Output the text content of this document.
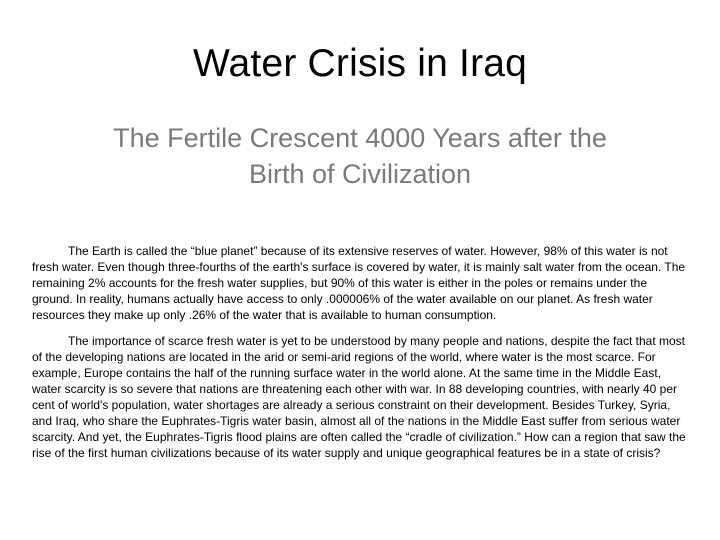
Water Crisis in Iraq
The Fertile Crescent 4000 Years after the Birth of Civilization

The Earth is called the “blue planet” because of its extensive reserves of water. However, 98% of this water is not fresh water. Even though three-fourths of the earth's surface is covered by water, it is mainly salt water from the ocean. The remaining 2% accounts for the fresh water supplies, but 90% of this water is either in the poles or remains under the ground. In reality, humans actually have access to only .000006% of the water available on our planet. As fresh water resources they make up only .26% of the water that is available to human consumption.

The importance of scarce fresh water is yet to be understood by many people and nations, despite the fact that most of the developing nations are located in the arid or semi-arid regions of the world, where water is the most scarce. For example, Europe contains the half of the running surface water in the world alone. At the same time in the Middle East, water scarcity is so severe that nations are threatening each other with war. In 88 developing countries, with nearly 40 per cent of world's population, water shortages are already a serious constraint on their development. Besides Turkey, Syria, and Iraq, who share the Euphrates-Tigris water basin, almost all of the nations in the Middle East suffer from serious water scarcity. And yet, the Euphrates-Tigris flood plains are often called the “cradle of civilization.” How can a region that saw the rise of the first human civilizations because of its water supply and unique geographical features be in a state of crisis?
